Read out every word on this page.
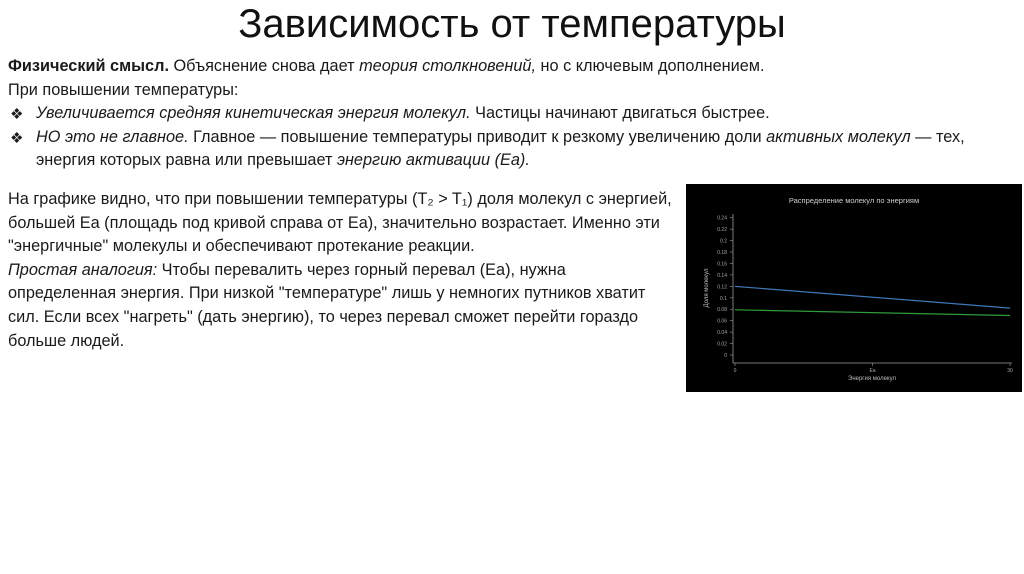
Зависимость от температуры

Физический смысл. Объяснение снова дает теория столкновений, но с ключевым дополнением.

При повышении температуры:

❖ Увеличивается средняя кинетическая энергия молекул. Частицы начинают двигаться быстрее.

❖ НО это не главное. Главное — повышение температуры приводит к резкому увеличению доли активных молекул — тех, энергия которых равна или превышает энергию активации (Ea).

На графике видно, что при повышении температуры (T₂ > T₁) доля молекул с энергией, большей Ea (площадь под кривой справа от Ea), значительно возрастает. Именно эти "энергичные" молекулы и обеспечивают протекание реакции.

Простая аналогия: Чтобы перевалить через горный перевал (Ea), нужна определенная энергия. При низкой "температуре" лишь у немногих путников хватит сил. Если всех "нагреть" (дать энергию), то через перевал сможет перейти гораздо больше людей.

Распределение молекул по энергиям
0
0.02
0.04
0.06
0.08
0.1
0.12
0.14
0.16
0.18
0.2
0.22
0.24
0	Ea	30
Энергия молекул
Доля молекул
